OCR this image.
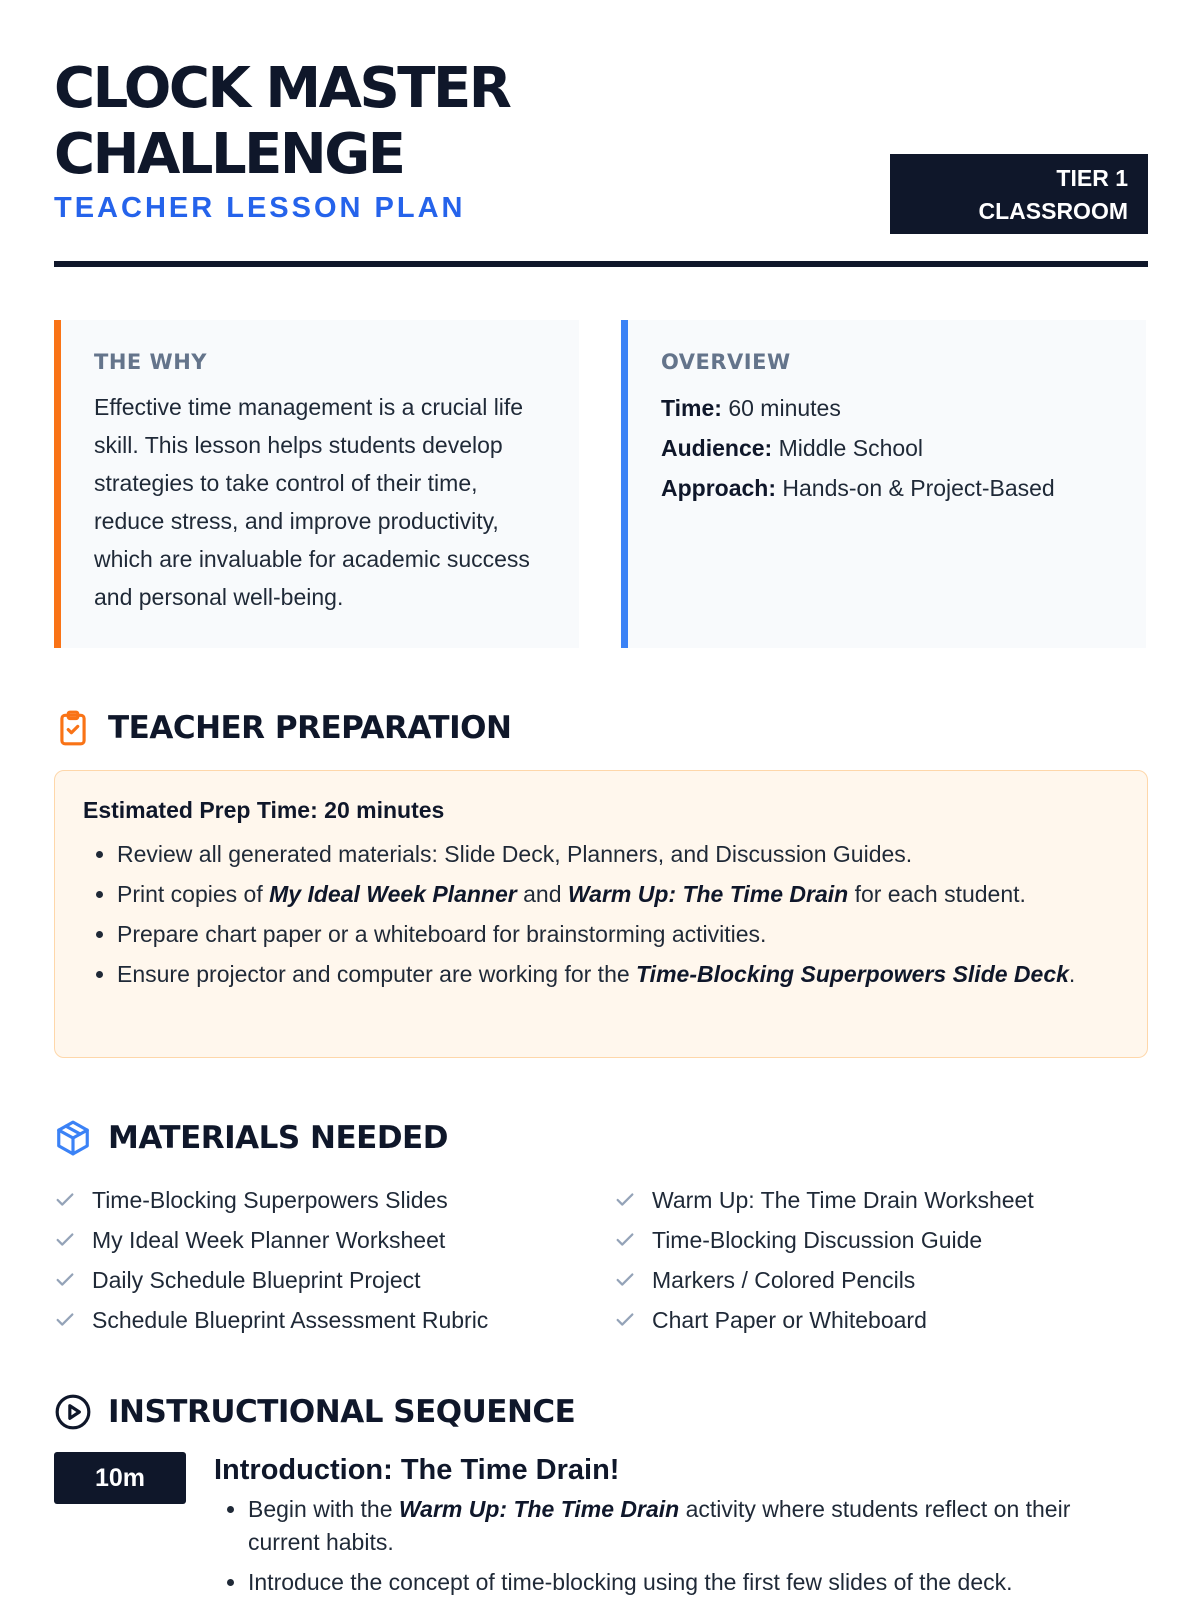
CLOCK MASTER CHALLENGE
TEACHER LESSON PLAN
TIER 1
CLASSROOM
THE WHY

Effective time management is a crucial life skill. This lesson helps students develop strategies to take control of their time, reduce stress, and improve productivity, which are invaluable for academic success and personal well-being.

OVERVIEW
Time: 60 minutes
Audience: Middle School
Approach: Hands-on & Project-Based
TEACHER PREPARATION
Estimated Prep Time: 20 minutes
• Review all generated materials: Slide Deck, Planners, and Discussion Guides.
• Print copies of My Ideal Week Planner and Warm Up: The Time Drain for each student.
• Prepare chart paper or a whiteboard for brainstorming activities.
• Ensure projector and computer are working for the Time-Blocking Superpowers Slide Deck.
MATERIALS NEEDED
Time-Blocking Superpowers Slides
My Ideal Week Planner Worksheet
Daily Schedule Blueprint Project
Schedule Blueprint Assessment Rubric
Warm Up: The Time Drain Worksheet
Time-Blocking Discussion Guide
Markers / Colored Pencils
Chart Paper or Whiteboard
INSTRUCTIONAL SEQUENCE
10m	Introduction: The Time Drain!
• Begin with the Warm Up: The Time Drain activity where students reflect on their current habits.
• Introduce the concept of time-blocking using the first few slides of the deck.
